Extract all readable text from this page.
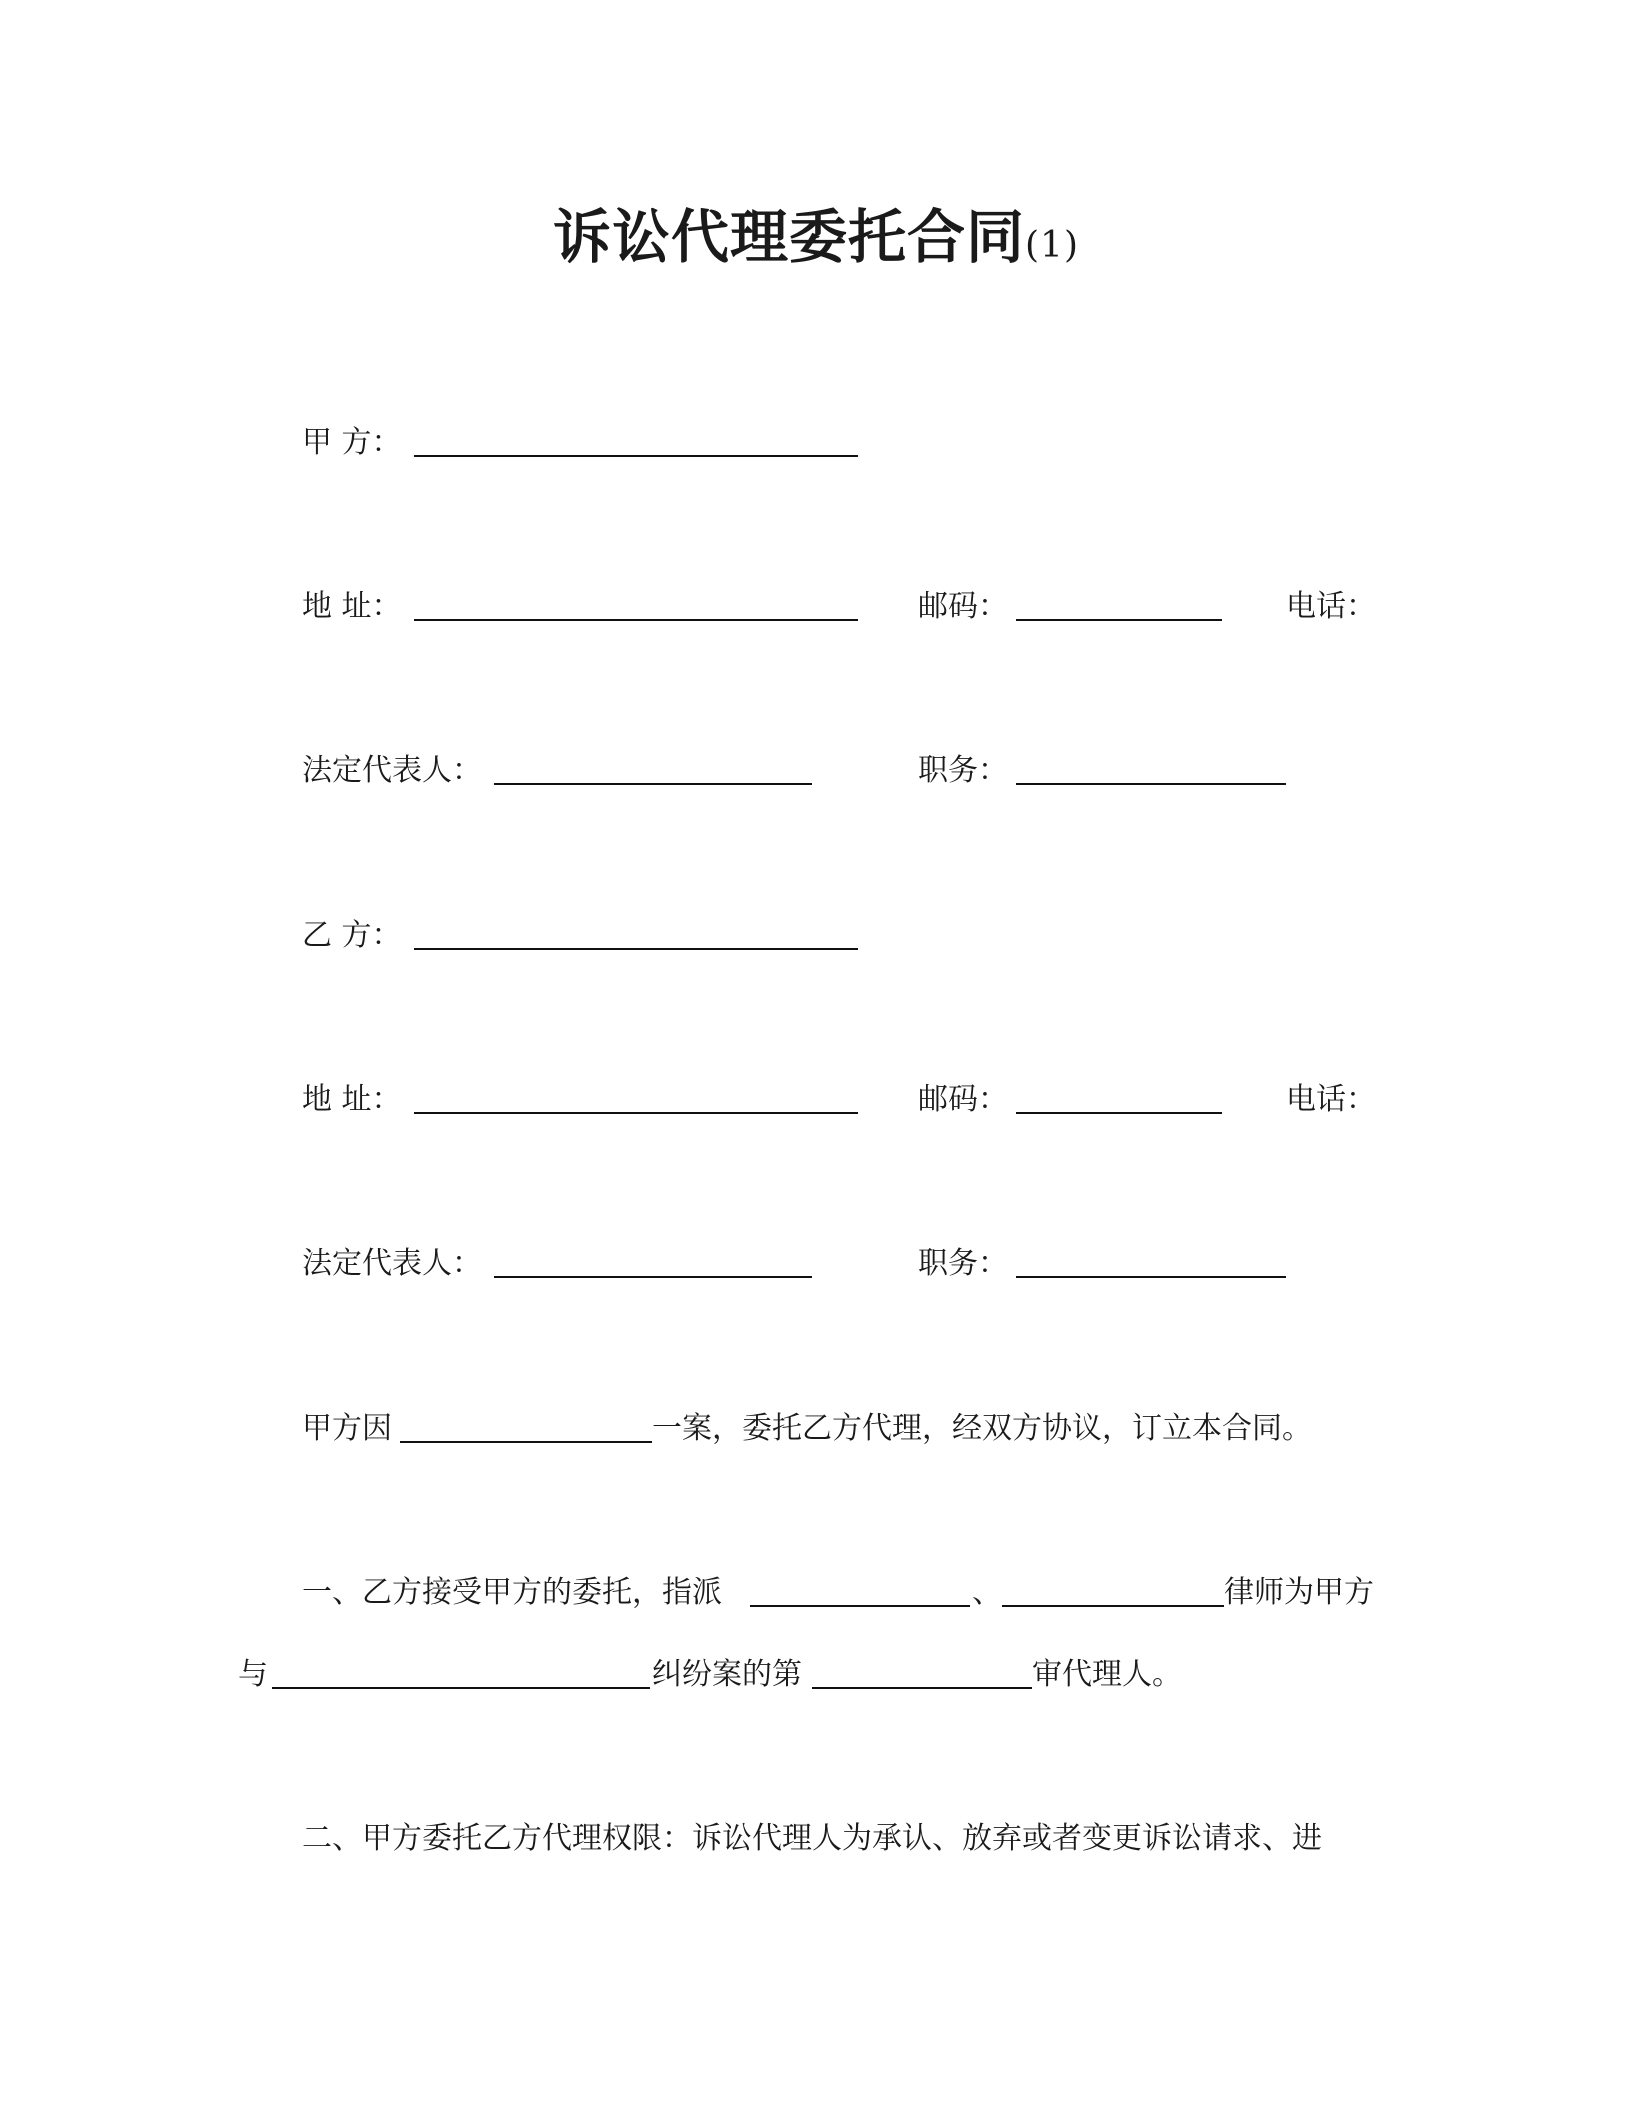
诉讼代理委托合同(1)
甲 方：
地 址：	邮码：	电话：
法定代表人：	职务：
乙 方：
地 址：	邮码：	电话：
法定代表人：	职务：
甲方因	一案，委托乙方代理，经双方协议，订立本合同。
一、乙方接受甲方的委托，指派	、	律师为甲方
与	纠纷案的第	审代理人。
二、甲方委托乙方代理权限：诉讼代理人为承认、放弃或者变更诉讼请求、进
